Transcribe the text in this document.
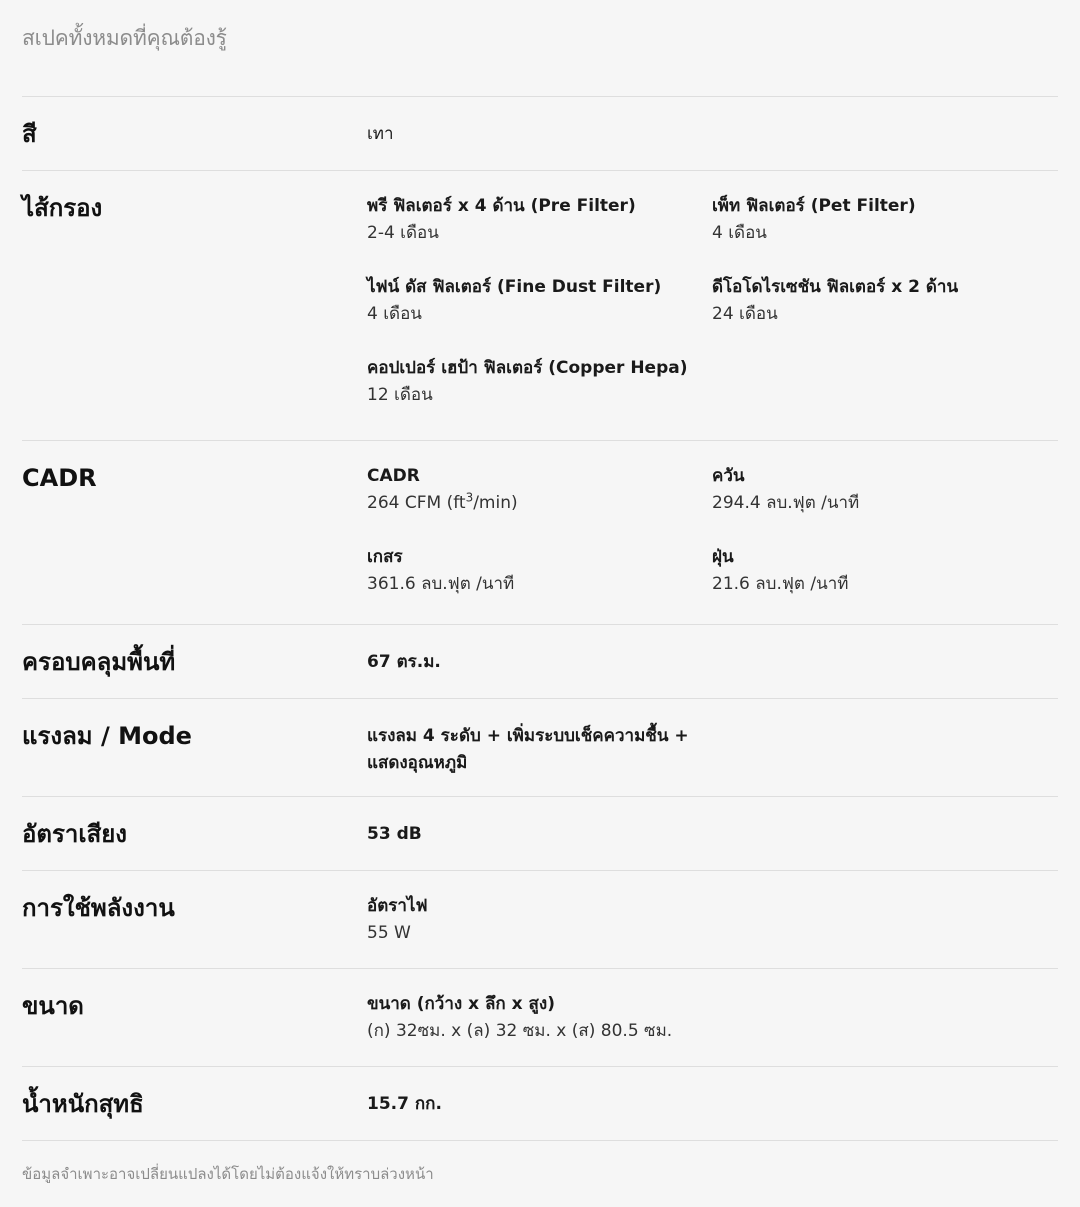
สเปคทั้งหมดที่คุณต้องรู้
สี	เทา
ไส้กรอง	พรี ฟิลเตอร์ x 4 ด้าน (Pre Filter)
2-4 เดือน
เพ็ท ฟิลเตอร์ (Pet Filter)
4 เดือน
ไฟน์ ดัส ฟิลเตอร์ (Fine Dust Filter)
4 เดือน
ดีโอโดไรเซชัน ฟิลเตอร์ x 2 ด้าน
24 เดือน
คอปเปอร์ เฮป้า ฟิลเตอร์ (Copper Hepa)
12 เดือน
CADR	CADR
264 CFM $(ft^3/\min)$
ควัน
294.4 ลบ.ฟุต /นาที
เกสร
361.6 ลบ.ฟุต /นาที
ฝุ่น
21.6 ลบ.ฟุต /นาที
ครอบคลุมพื้นที่	67 ตร.ม.
แรงลม / Mode	แรงลม 4 ระดับ + เพิ่มระบบเช็คความชื้น +
แสดงอุณหภูมิ
อัตราเสียง	53 dB
การใช้พลังงาน	อัตราไฟ
55 W
ขนาด	ขนาด (กว้าง x ลึก x สูง)
(ก) 32ซม. x (ล) 32 ซม. x (ส) 80.5 ซม.
น้ำหนักสุทธิ	15.7 กก.
ข้อมูลจำเพาะอาจเปลี่ยนแปลงได้โดยไม่ต้องแจ้งให้ทราบล่วงหน้า
